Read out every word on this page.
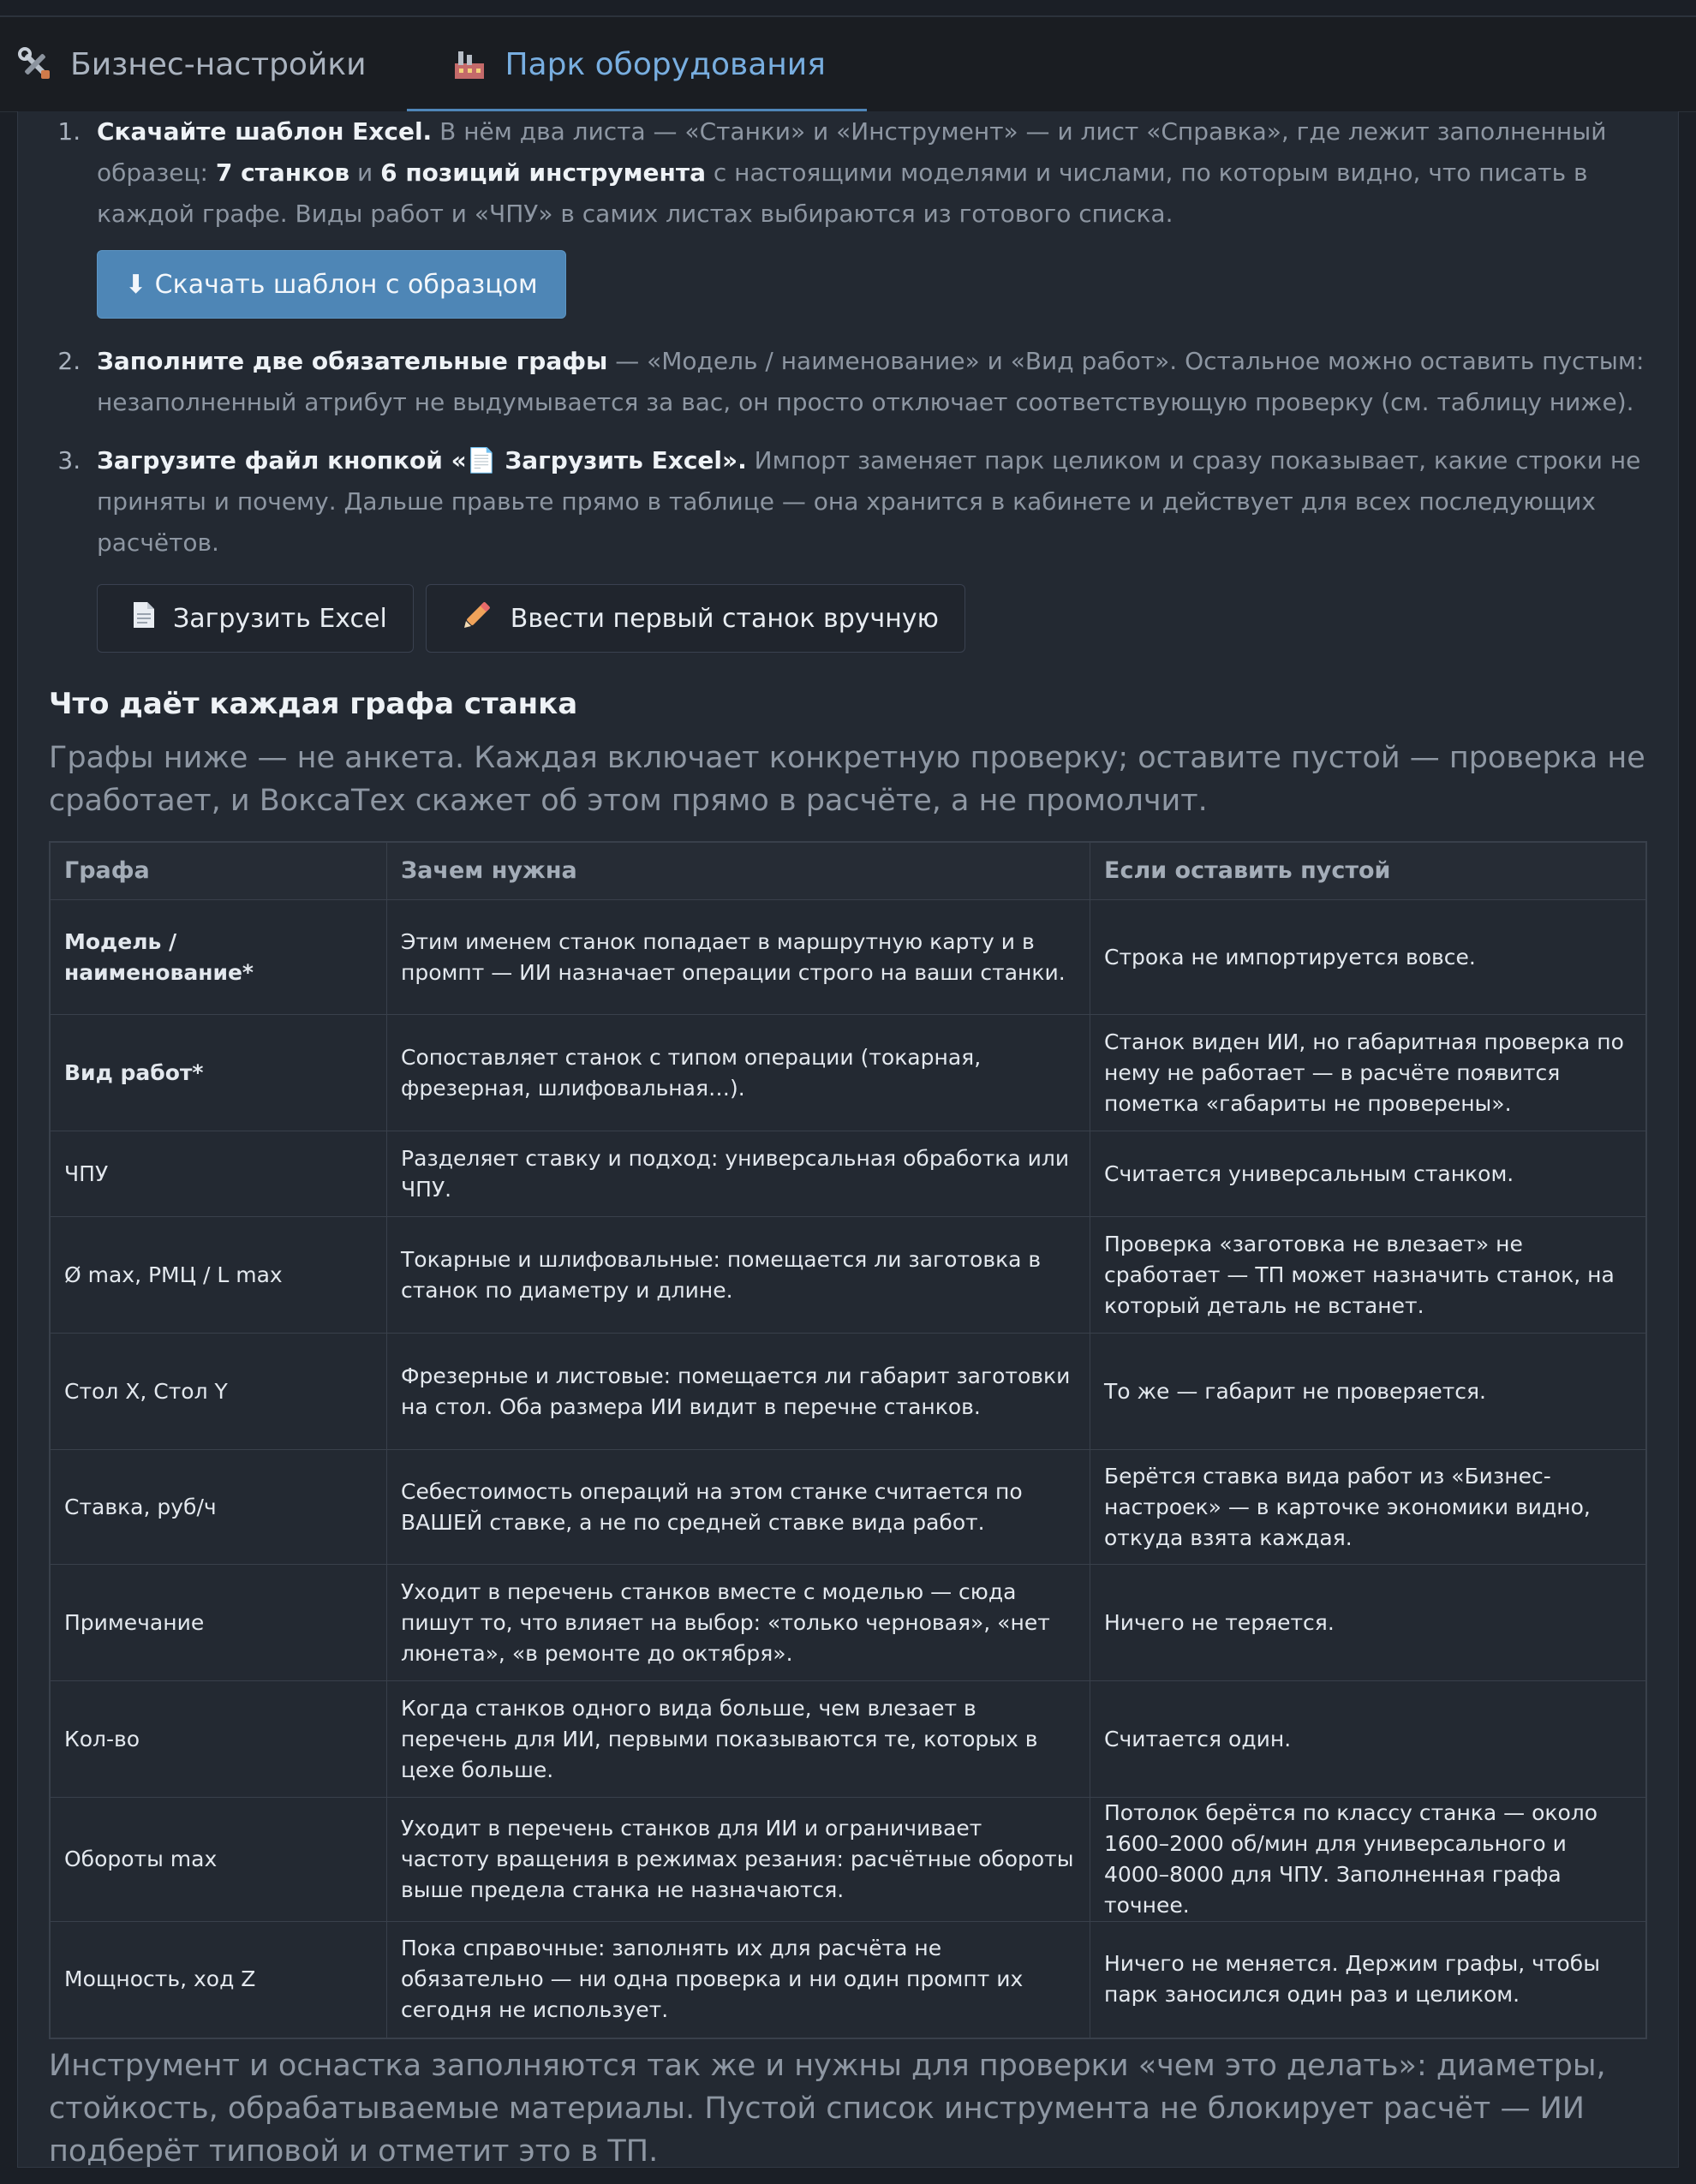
Бизнес-настройки	Парк оборудования
1. Скачайте шаблон Excel. В нём два листа — «Станки» и «Инструмент» — и лист «Справка», где лежит заполненный образец: 7 станков и 6 позиций инструмента с настоящими моделями и числами, по которым видно, что писать в каждой графе. Виды работ и «ЧПУ» в самих листах выбираются из готового списка.
⬇ Скачать шаблон с образцом
2. Заполните две обязательные графы — «Модель / наименование» и «Вид работ». Остальное можно оставить пустым: незаполненный атрибут не выдумывается за вас, он просто отключает соответствующую проверку (см. таблицу ниже).
3. Загрузите файл кнопкой «📄 Загрузить Excel». Импорт заменяет парк целиком и сразу показывает, какие строки не приняты и почему. Дальше правьте прямо в таблице — она хранится в кабинете и действует для всех последующих расчётов.
Загрузить Excel	Ввести первый станок вручную
Что даёт каждая графа станка

Графы ниже — не анкета. Каждая включает конкретную проверку; оставите пустой — проверка не сработает, и ВоксаТех скажет об этом прямо в расчёте, а не промолчит.

Графа	Зачем нужна	Если оставить пустой
Модель / наименование*	Этим именем станок попадает в маршрутную карту и в промпт — ИИ назначает операции строго на ваши станки.	Строка не импортируется вовсе.
Вид работ*	Сопоставляет станок с типом операции (токарная, фрезерная, шлифовальная…).	Станок виден ИИ, но габаритная проверка по нему не работает — в расчёте появится пометка «габариты не проверены».
ЧПУ	Разделяет ставку и подход: универсальная обработка или ЧПУ.	Считается универсальным станком.
Ø max, РМЦ / L max	Токарные и шлифовальные: помещается ли заготовка в станок по диаметру и длине.	Проверка «заготовка не влезает» не сработает — ТП может назначить станок, на который деталь не встанет.
Стол X, Стол Y	Фрезерные и листовые: помещается ли габарит заготовки на стол. Оба размера ИИ видит в перечне станков.	То же — габарит не проверяется.
Ставка, руб/ч	Себестоимость операций на этом станке считается по ВАШЕЙ ставке, а не по средней ставке вида работ.	Берётся ставка вида работ из «Бизнес-настроек» — в карточке экономики видно, откуда взята каждая.
Примечание	Уходит в перечень станков вместе с моделью — сюда пишут то, что влияет на выбор: «только черновая», «нет люнета», «в ремонте до октября».	Ничего не теряется.
Кол-во	Когда станков одного вида больше, чем влезает в перечень для ИИ, первыми показываются те, которых в цехе больше.	Считается один.
Обороты max	Уходит в перечень станков для ИИ и ограничивает частоту вращения в режимах резания: расчётные обороты выше предела станка не назначаются.	Потолок берётся по классу станка — около 1600–2000 об/мин для универсального и 4000–8000 для ЧПУ. Заполненная графа точнее.
Мощность, ход Z	Пока справочные: заполнять их для расчёта не обязательно — ни одна проверка и ни один промпт их сегодня не использует.	Ничего не меняется. Держим графы, чтобы парк заносился один раз и целиком.

Инструмент и оснастка заполняются так же и нужны для проверки «чем это делать»: диаметры, стойкость, обрабатываемые материалы. Пустой список инструмента не блокирует расчёт — ИИ подберёт типовой и отметит это в ТП.
